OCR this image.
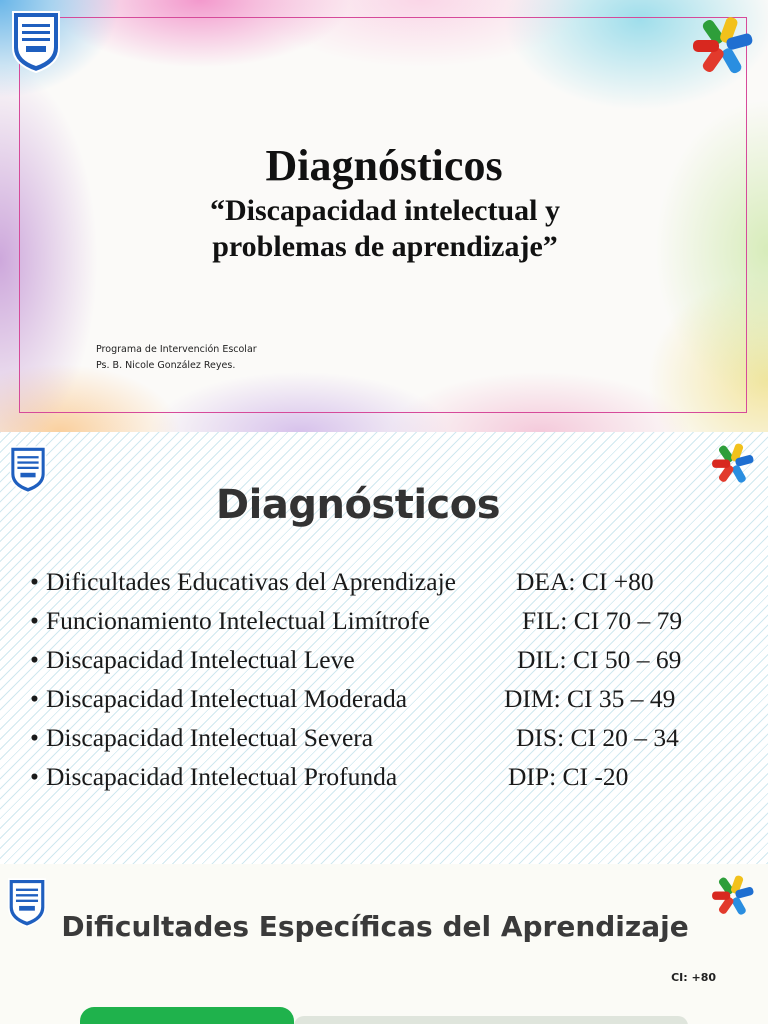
Diagnósticos
“Discapacidad intelectual y problemas de aprendizaje”
Programa de Intervención Escolar
Ps. B. Nicole González Reyes.
Diagnósticos
• Dificultades Educativas del Aprendizaje DEA: CI +80
• Funcionamiento Intelectual Limítrofe	FIL: CI 70 – 79
• Discapacidad Intelectual Leve	DIL: CI 50 – 69
• Discapacidad Intelectual Moderada	DIM: CI 35 – 49
• Discapacidad Intelectual Severa	DIS: CI 20 – 34
• Discapacidad Intelectual Profunda	DIP: CI -20
Dificultades Específicas del Aprendizaje
CI: +80
